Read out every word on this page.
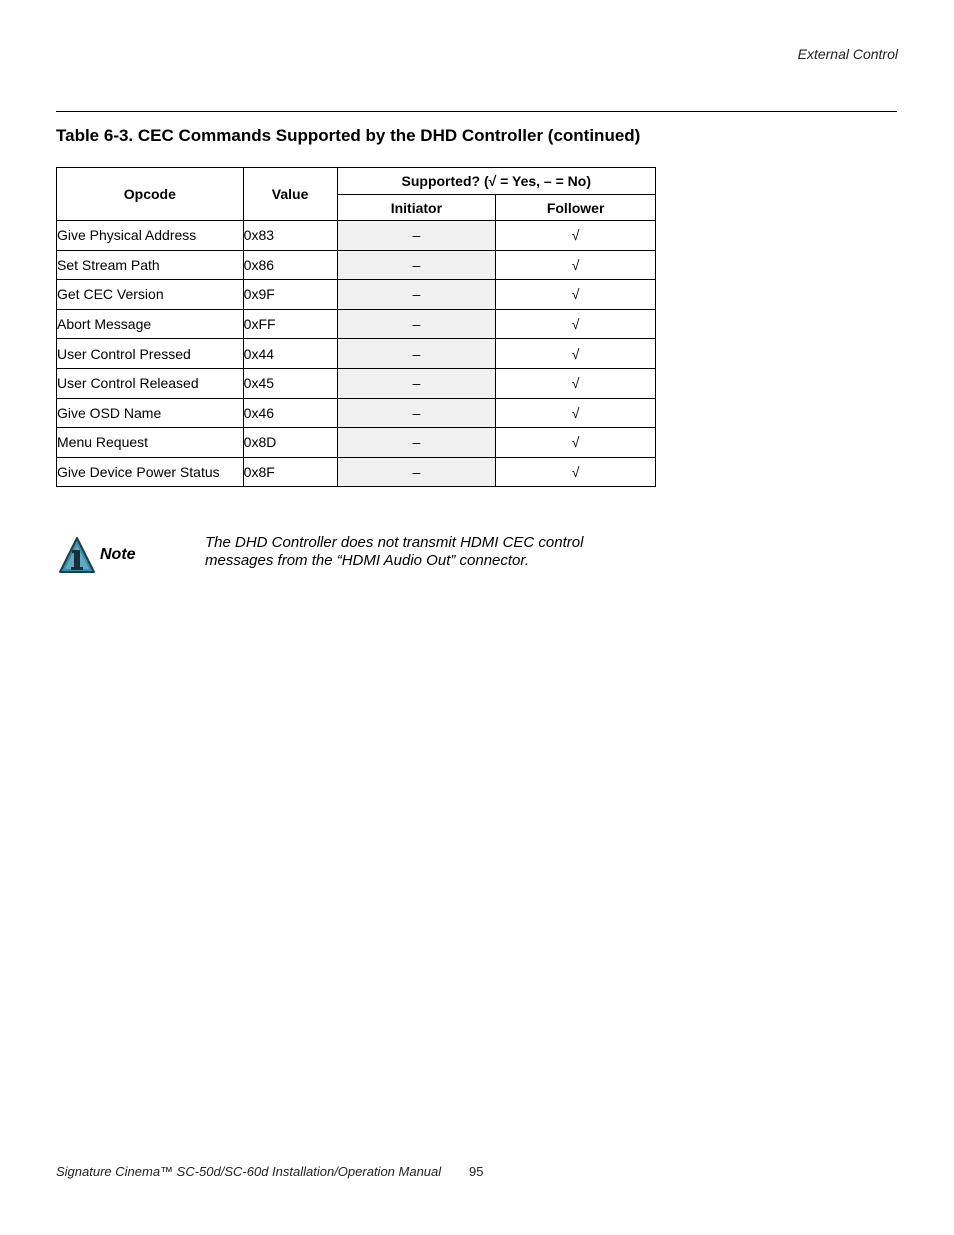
External Control
Table 6-3. CEC Commands Supported by the DHD Controller (continued)
Opcode	Value	Supported? (√ = Yes, – = No)	
		Initiator	Follower
Give Physical Address	0x83	–	√
Set Stream Path	0x86	–	√
Get CEC Version	0x9F	–	√
Abort Message	0xFF	–	√
User Control Pressed	0x44	–	√
User Control Released	0x45	–	√
Give OSD Name	0x46	–	√
Menu Request	0x8D	–	√
Give Device Power Status	0x8F	–	√
Note

The DHD Controller does not transmit HDMI CEC control messages from the “HDMI Audio Out” connector.

Signature Cinema™ SC-50d/SC-60d Installation/Operation Manual 95
